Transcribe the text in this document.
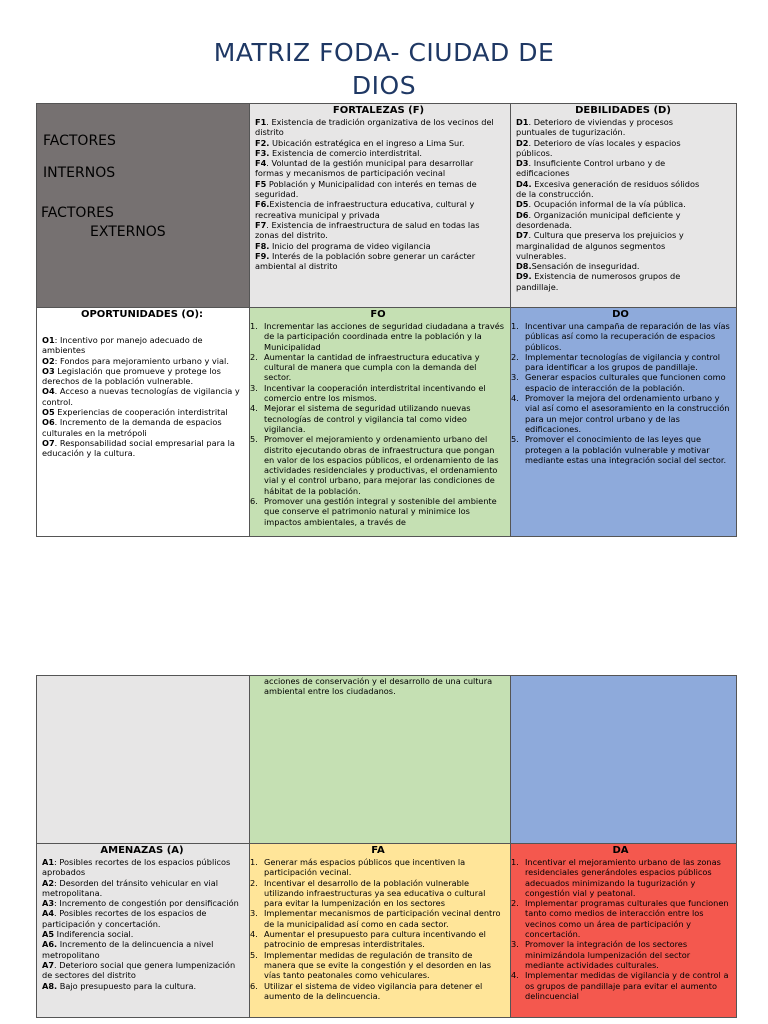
MATRIZ FODA- CIUDAD DE
DIOS
FACTORES
INTERNOS
FACTORES
EXTERNOS
FORTALEZAS (F)

F1. Existencia de tradición organizativa de los vecinos del distrito

F2. Ubicación estratégica en el ingreso a Lima Sur.

F3. Existencia de comercio interdistrital.

F4. Voluntad de la gestión municipal para desarrollar formas y mecanismos de participación vecinal

F5 Población y Municipalidad con interés en temas de seguridad.

F6.Existencia de infraestructura educativa, cultural y recreativa municipal y privada

F7. Existencia de infraestructura de salud en todas las zonas del distrito.

F8. Inicio del programa de video vigilancia

F9. Interés de la población sobre generar un carácter ambiental al distrito

DEBILIDADES (D)

D1. Deterioro de viviendas y procesos puntuales de tugurización.

D2. Deterioro de vías locales y espacios públicos.

D3. Insuficiente Control urbano y de edificaciones

D4. Excesiva generación de residuos sólidos de la construcción.

D5. Ocupación informal de la vía pública.

D6. Organización municipal deficiente y desordenada.

D7. Cultura que preserva los prejuicios y marginalidad de algunos segmentos vulnerables.

D8.Sensación de inseguridad.

D9. Existencia de numerosos grupos de pandillaje.

OPORTUNIDADES (O):

O1: Incentivo por manejo adecuado de ambientes

O2: Fondos para mejoramiento urbano y vial.

O3 Legislación que promueve y protege los derechos de la población vulnerable.

O4. Acceso a nuevas tecnologías de vigilancia y control.

O5 Experiencias de cooperación interdistrital

O6. Incremento de la demanda de espacios culturales en la metrópoli

O7. Responsabilidad social empresarial para la educación y la cultura.

FO
1. Incrementar las acciones de seguridad ciudadana a través de la participación coordinada entre la población y la Municipalidad
2. Aumentar la cantidad de infraestructura educativa y cultural de manera que cumpla con la demanda del sector.
3. Incentivar la cooperación interdistrital incentivando el comercio entre los mismos.
4. Mejorar el sistema de seguridad utilizando nuevas tecnologías de control y vigilancia tal como video vigilancia.
5. Promover el mejoramiento y ordenamiento urbano del distrito ejecutando obras de infraestructura que pongan en valor de los espacios públicos, el ordenamiento de las actividades residenciales y productivas, el ordenamiento vial y el control urbano, para mejorar las condiciones de hábitat de la población.
6. Promover una gestión integral y sostenible del ambiente que conserve el patrimonio natural y minimice los impactos ambientales, a través de
DO
1. Incentivar una campaña de reparación de las vías públicas así como la recuperación de espacios públicos.
2. Implementar tecnologías de vigilancia y control para identificar a los grupos de pandillaje.
3. Generar espacios culturales que funcionen como espacio de interacción de la población.
4. Promover la mejora del ordenamiento urbano y vial así como el asesoramiento en la construcción para un mejor control urbano y de las edificaciones.
5. Promover el conocimiento de las leyes que protegen a la población vulnerable y motivar mediante estas una integración social del sector.
acciones de conservación y el desarrollo de una cultura ambiental entre los ciudadanos.
AMENAZAS (A)

A1: Posibles recortes de los espacios públicos aprobados

A2: Desorden del tránsito vehicular en vial metropolitana.

A3: Incremento de congestión por densificación

A4. Posibles recortes de los espacios de participación y concertación.

A5 Indiferencia social.

A6. Incremento de la delincuencia a nivel metropolitano

A7. Deterioro social que genera lumpenización de sectores del distrito

A8. Bajo presupuesto para la cultura.

FA
1. Generar más espacios públicos que incentiven la participación vecinal.
2. Incentivar el desarrollo de la población vulnerable utilizando infraestructuras ya sea educativa o cultural para evitar la lumpenización en los sectores
3. Implementar mecanismos de participación vecinal dentro de la municipalidad así como en cada sector.
4. Aumentar el presupuesto para cultura incentivando el patrocinio de empresas interdistritales.
5. Implementar medidas de regulación de transito de manera que se evite la congestión y el desorden en las vías tanto peatonales como vehiculares.
6. Utilizar el sistema de video vigilancia para detener el aumento de la delincuencia.
DA
1. Incentivar el mejoramiento urbano de las zonas residenciales generándoles espacios públicos adecuados minimizando la tugurización y congestión vial y peatonal.
2. Implementar programas culturales que funcionen tanto como medios de interacción entre los vecinos como un área de participación y concertación.
3. Promover la integración de los sectores minimizándola lumpenización del sector mediante actividades culturales.
4. Implementar medidas de vigilancia y de control a os grupos de pandillaje para evitar el aumento delincuencial
